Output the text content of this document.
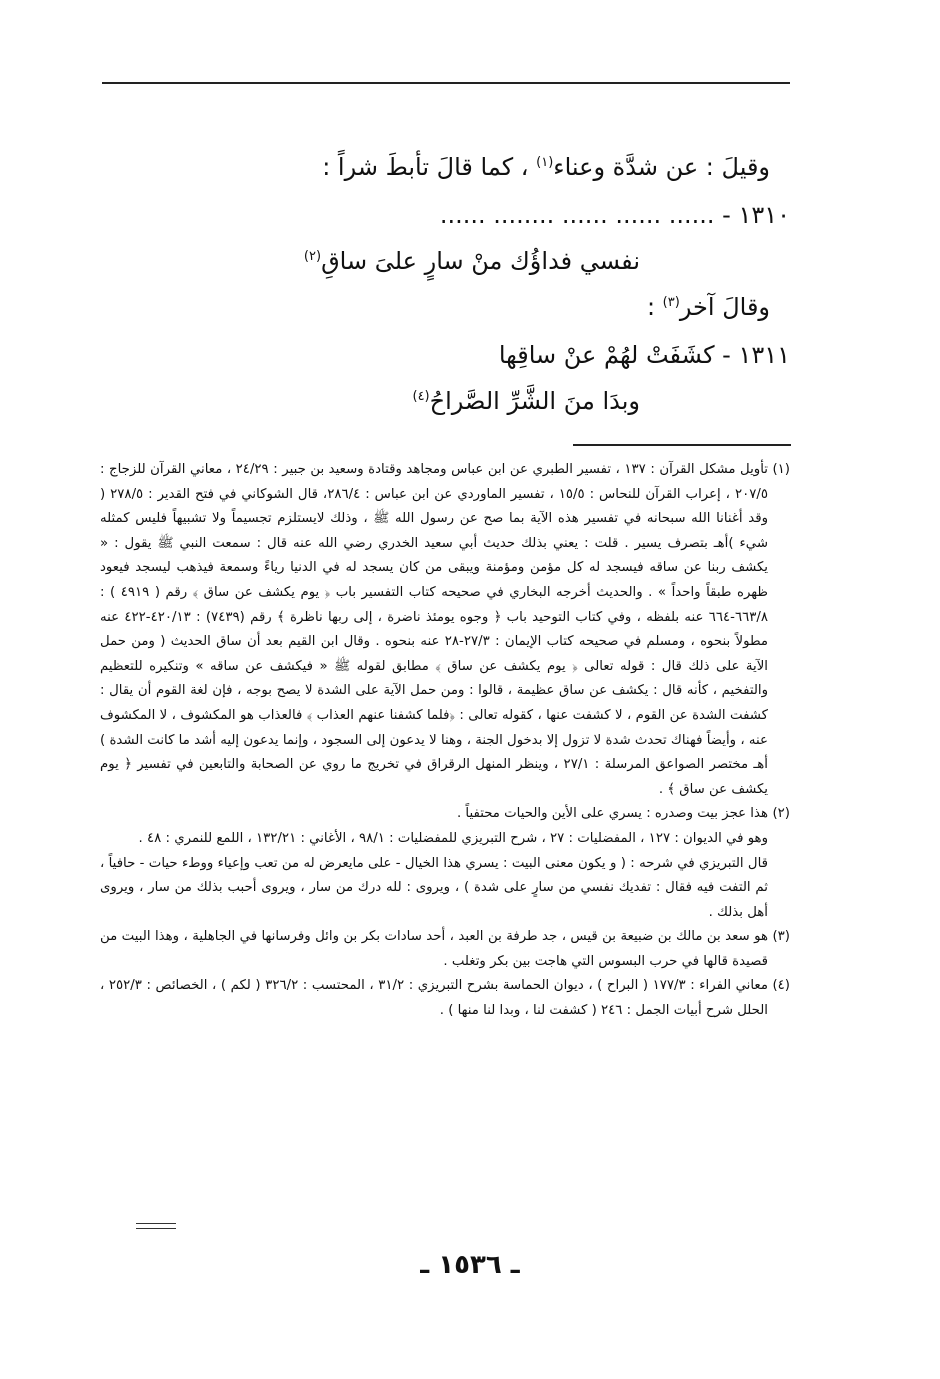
وقيلَ : عن شدَّة وعناء$^{(١)}$ ، كما قالَ تأبطَ شراً :
١٣١٠ - ...... ...... ...... ........ ......
نفسي فداؤُك منْ سارٍ علىَ ساقِ$^{(٢)}$
وقالَ آخر$^{(٣)}$ :
١٣١١ - كشَفَتْ لهُمْ عنْ ساقِها
وبدَا منَ الشَّرِّ الصَّراحُ$^{(٤)}$
(١)
تأويل مشكل القرآن : ١٣٧ ، تفسير الطبري عن ابن عباس ومجاهد وقتادة وسعيد بن جبير : ٢٤/٢٩ ، معاني القرآن للزجاج : ٢٠٧/٥ ، إعراب القرآن للنحاس : ١٥/٥ ، تفسير الماوردي عن ابن عباس : ٢٨٦/٤، قال الشوكاني في فتح القدير : ٢٧٨/٥ ( وقد أغنانا الله سبحانه في تفسير هذه الآية بما صح عن رسول الله ﷺ ، وذلك لايستلزم تجسيماً ولا تشبيهاً فليس كمثله شيء )أهـ بتصرف يسير . قلت : يعني بذلك حديث أبي سعيد الخدري رضي الله عنه قال : سمعت النبي ﷺ يقول : « يكشف ربنا عن ساقه فيسجد له كل مؤمن ومؤمنة ويبقى من كان يسجد له في الدنيا رياءً وسمعة فيذهب ليسجد فيعود ظهره طبقاً واحداً » . والحديث أخرجه البخاري في صحيحه كتاب التفسير باب ﴿ يوم يكشف عن ساق ﴾ رقم ( ٤٩١٩ ) : ٦٦٣/٨-٦٦٤ عنه بلفظه ، وفي كتاب التوحيد باب ﴿ وجوه يومئذ ناضرة ، إلى ربها ناظرة ﴾ رقم (٧٤٣٩) : ٤٢٠/١٣-٤٢٢ عنه مطولاً بنحوه ، ومسلم في صحيحه كتاب الإيمان : ٢٧/٣-٢٨ عنه بنحوه . وقال ابن القيم بعد أن ساق الحديث ( ومن حمل الآية على ذلك قال : قوله تعالى ﴿ يوم يكشف عن ساق ﴾ مطابق لقوله ﷺ « فيكشف عن ساقه » وتنكيره للتعظيم والتفخيم ، كأنه قال : يكشف عن ساق عظيمة ، قالوا : ومن حمل الآية على الشدة لا يصح بوجه ، فإن لغة القوم أن يقال : كشفت الشدة عن القوم ، لا كشفت عنها ، كقوله تعالى : ﴿فلما كشفنا عنهم العذاب ﴾ فالعذاب هو المكشوف ، لا المكشوف عنه ، وأيضاً فهناك تحدث شدة لا تزول إلا بدخول الجنة ، وهنا لا يدعون إلى السجود ، وإنما يدعون إليه أشد ما كانت الشدة ) أهـ مختصر الصواعق المرسلة : ٢٧/١ ، وينظر المنهل الرقراق في تخريج ما روي عن الصحابة والتابعين في تفسير ﴿ يوم يكشف عن ساق ﴾ .
(٢)
هذا عجز بيت وصدره : يسري على الأين والحيات محتفياً .
وهو في الديوان : ١٢٧ ، المفضليات : ٢٧ ، شرح التبريزي للمفضليات : ٩٨/١ ، الأغاني : ١٣٢/٢١ ، اللمع للنمري : ٤٨ .
قال التبريزي في شرحه : ( و يكون معنى البيت : يسري هذا الخيال - على مايعرض له من تعب وإعياء ووطء حيات - حافياً ، ثم التفت فيه فقال : تفديك نفسي من سارٍ على شدة ) ، ويروى : لله درك من سار ، ويروى أحبب بذلك من سار ، ويروى أهل بذلك .
(٣)
هو سعد بن مالك بن ضبيعة بن قيس ، جد طرفة بن العبد ، أحد سادات بكر بن وائل وفرسانها في الجاهلية ، وهذا البيت من قصيدة قالها في حرب البسوس التي هاجت بين بكر وتغلب .
(٤)
معاني الفراء : ١٧٧/٣ ( البراح ) ، ديوان الحماسة بشرح التبريزي : ٣١/٢ ، المحتسب : ٣٢٦/٢ ( لكم ) ، الخصائص : ٢٥٢/٣ ، الحلل شرح أبيات الجمل : ٢٤٦ ( كشفت لنا ، وبدا لنا منها ) .
ـ ١٥٣٦ ـ
